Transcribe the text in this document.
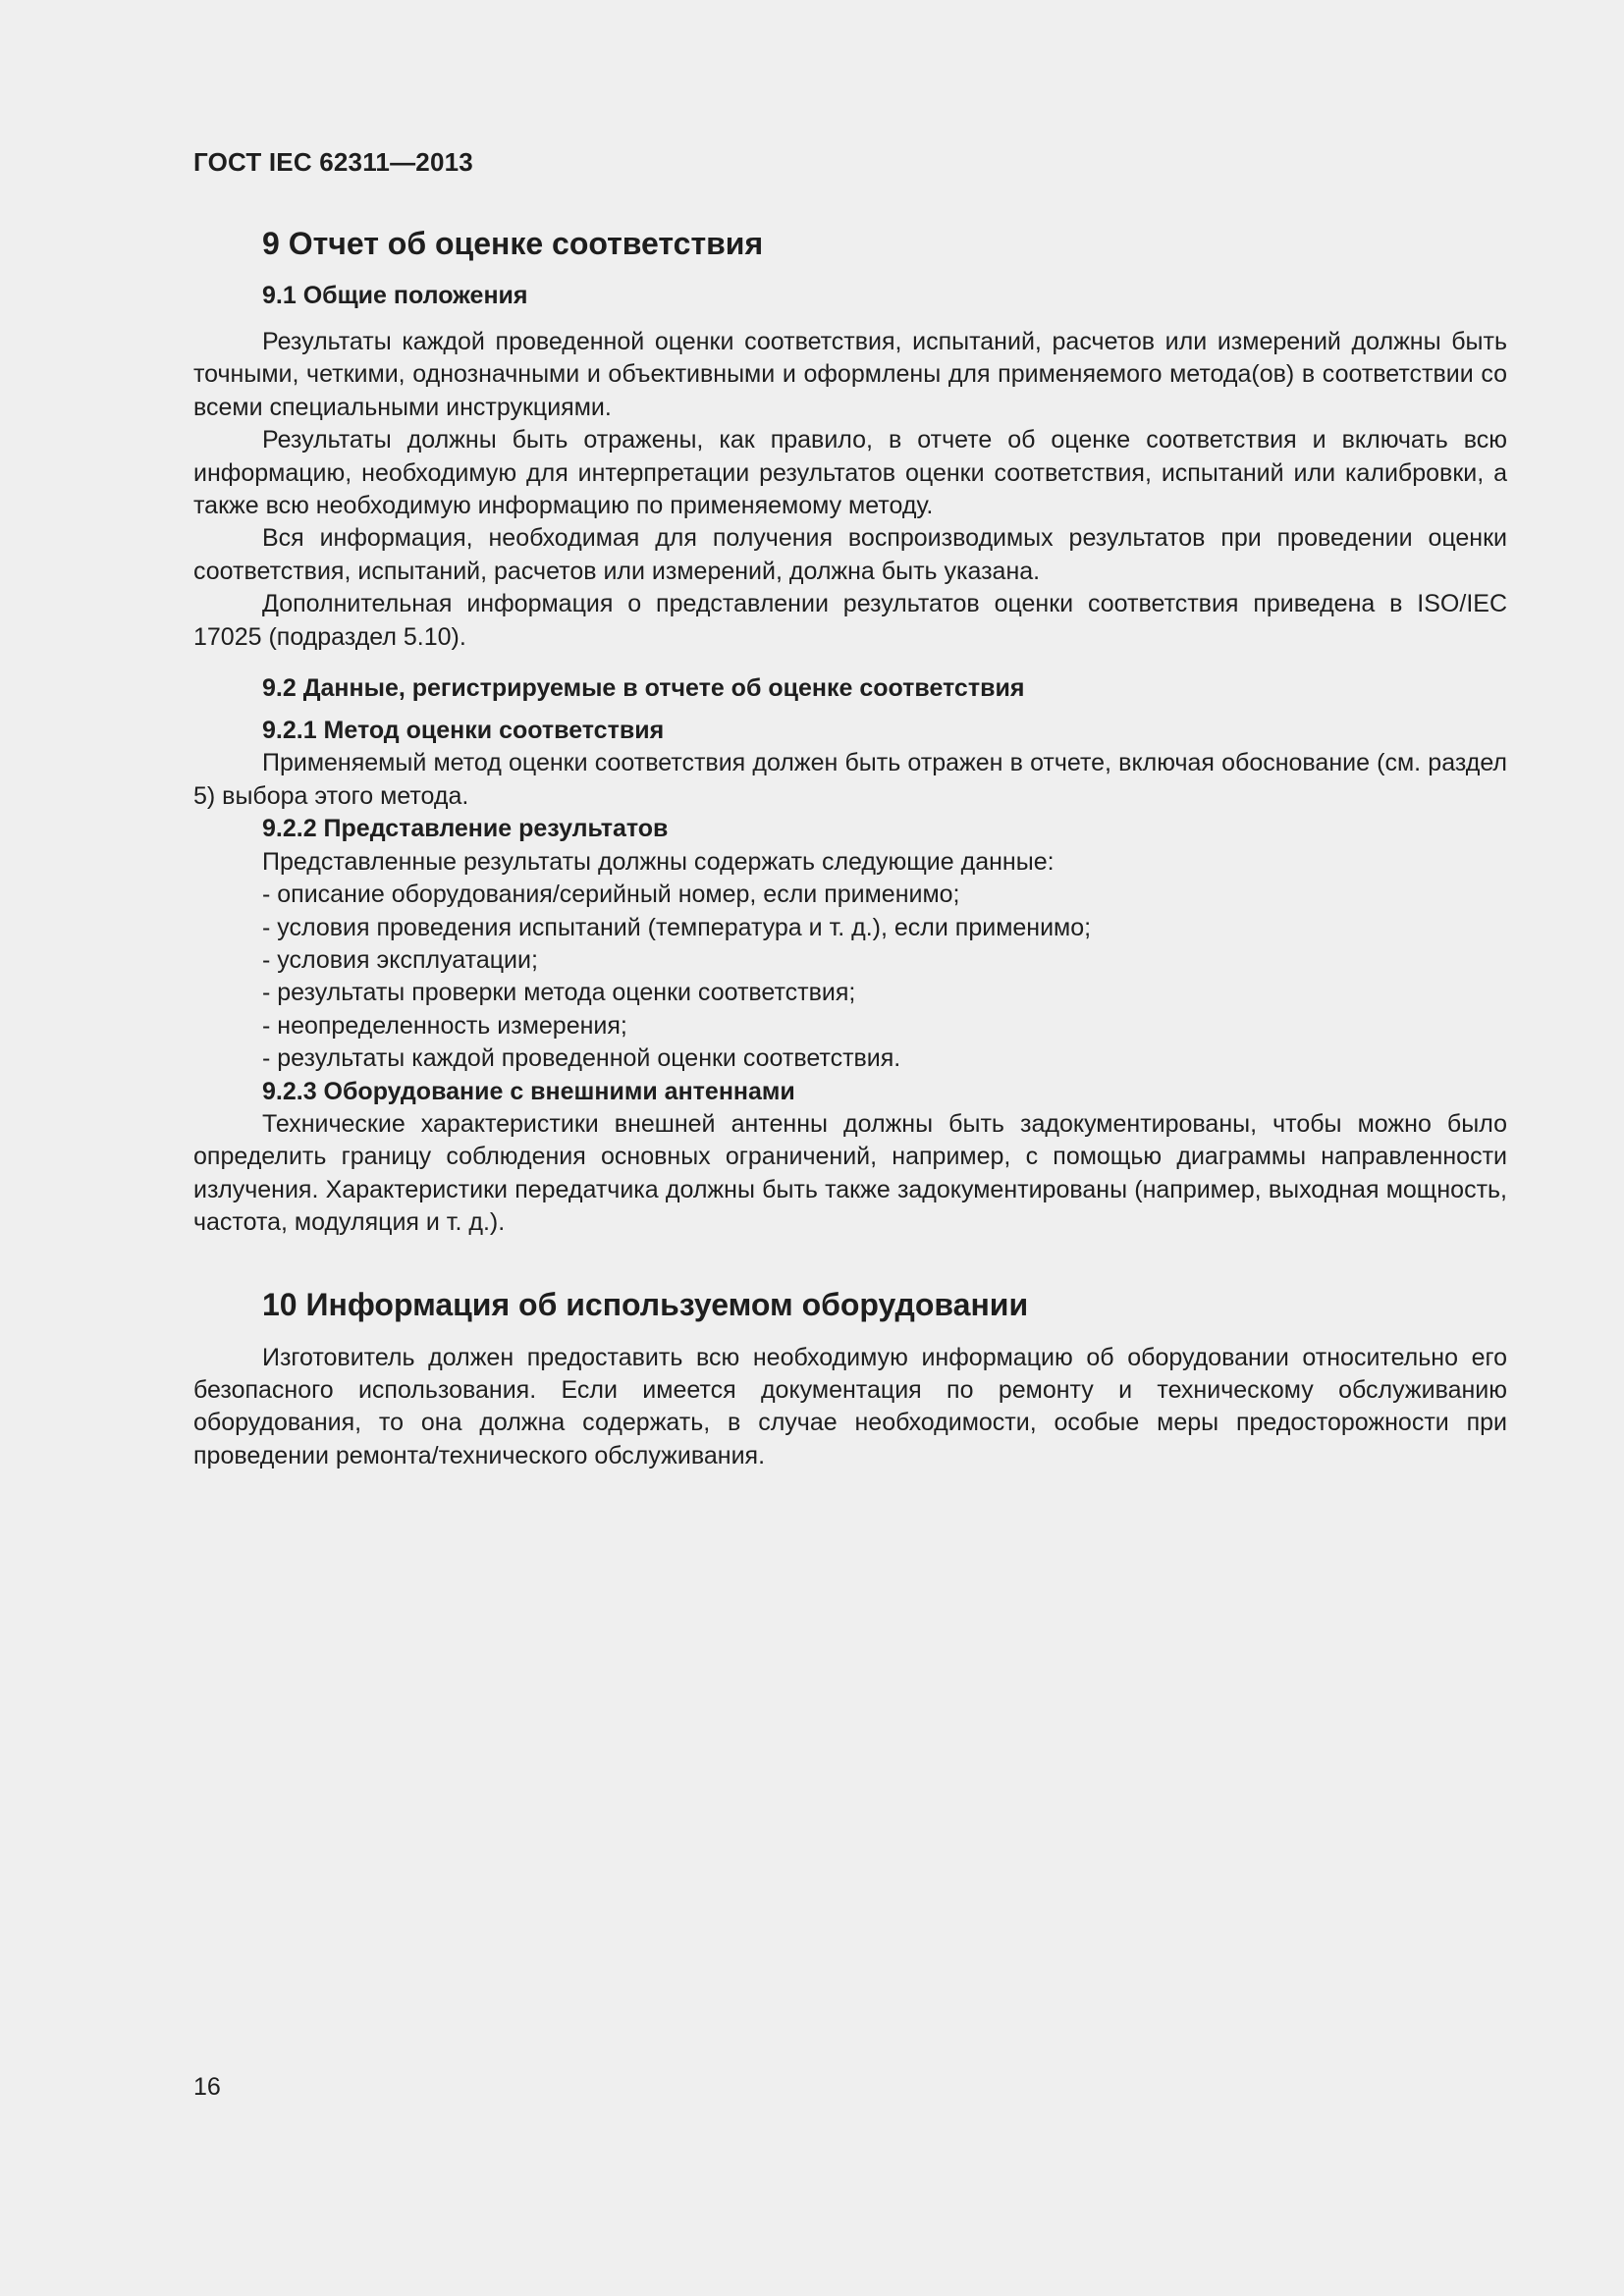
ГОСТ IEC 62311—2013
9 Отчет об оценке соответствия
9.1 Общие положения

Результаты каждой проведенной оценки соответствия, испытаний, расчетов или измерений должны быть точными, четкими, однозначными и объективными и оформлены для применяемого метода(ов) в соответствии со всеми специальными инструкциями.

Результаты должны быть отражены, как правило, в отчете об оценке соответствия и включать всю информацию, необходимую для интерпретации результатов оценки соответствия, испытаний или калибровки, а также всю необходимую информацию по применяемому методу.

Вся информация, необходимая для получения воспроизводимых результатов при проведении оценки соответствия, испытаний, расчетов или измерений, должна быть указана.

Дополнительная информация о представлении результатов оценки соответствия приведена в ISO/IEC 17025 (подраздел 5.10).

9.2 Данные, регистрируемые в отчете об оценке соответствия
9.2.1 Метод оценки соответствия

Применяемый метод оценки соответствия должен быть отражен в отчете, включая обоснование (см. раздел 5) выбора этого метода.

9.2.2 Представление результатов

Представленные результаты должны содержать следующие данные:

- описание оборудования/серийный номер, если применимо;
- условия проведения испытаний (температура и т. д.), если применимо;
- условия эксплуатации;
- результаты проверки метода оценки соответствия;
- неопределенность измерения;
- результаты каждой проведенной оценки соответствия.
9.2.3 Оборудование с внешними антеннами

Технические характеристики внешней антенны должны быть задокументированы, чтобы можно было определить границу соблюдения основных ограничений, например, с помощью диаграммы направленности излучения. Характеристики передатчика должны быть также задокументированы (например, выходная мощность, частота, модуляция и т. д.).

10 Информация об используемом оборудовании

Изготовитель должен предоставить всю необходимую информацию об оборудовании относительно его безопасного использования. Если имеется документация по ремонту и техническому обслуживанию оборудования, то она должна содержать, в случае необходимости, особые меры предосторожности при проведении ремонта/технического обслуживания.

16
